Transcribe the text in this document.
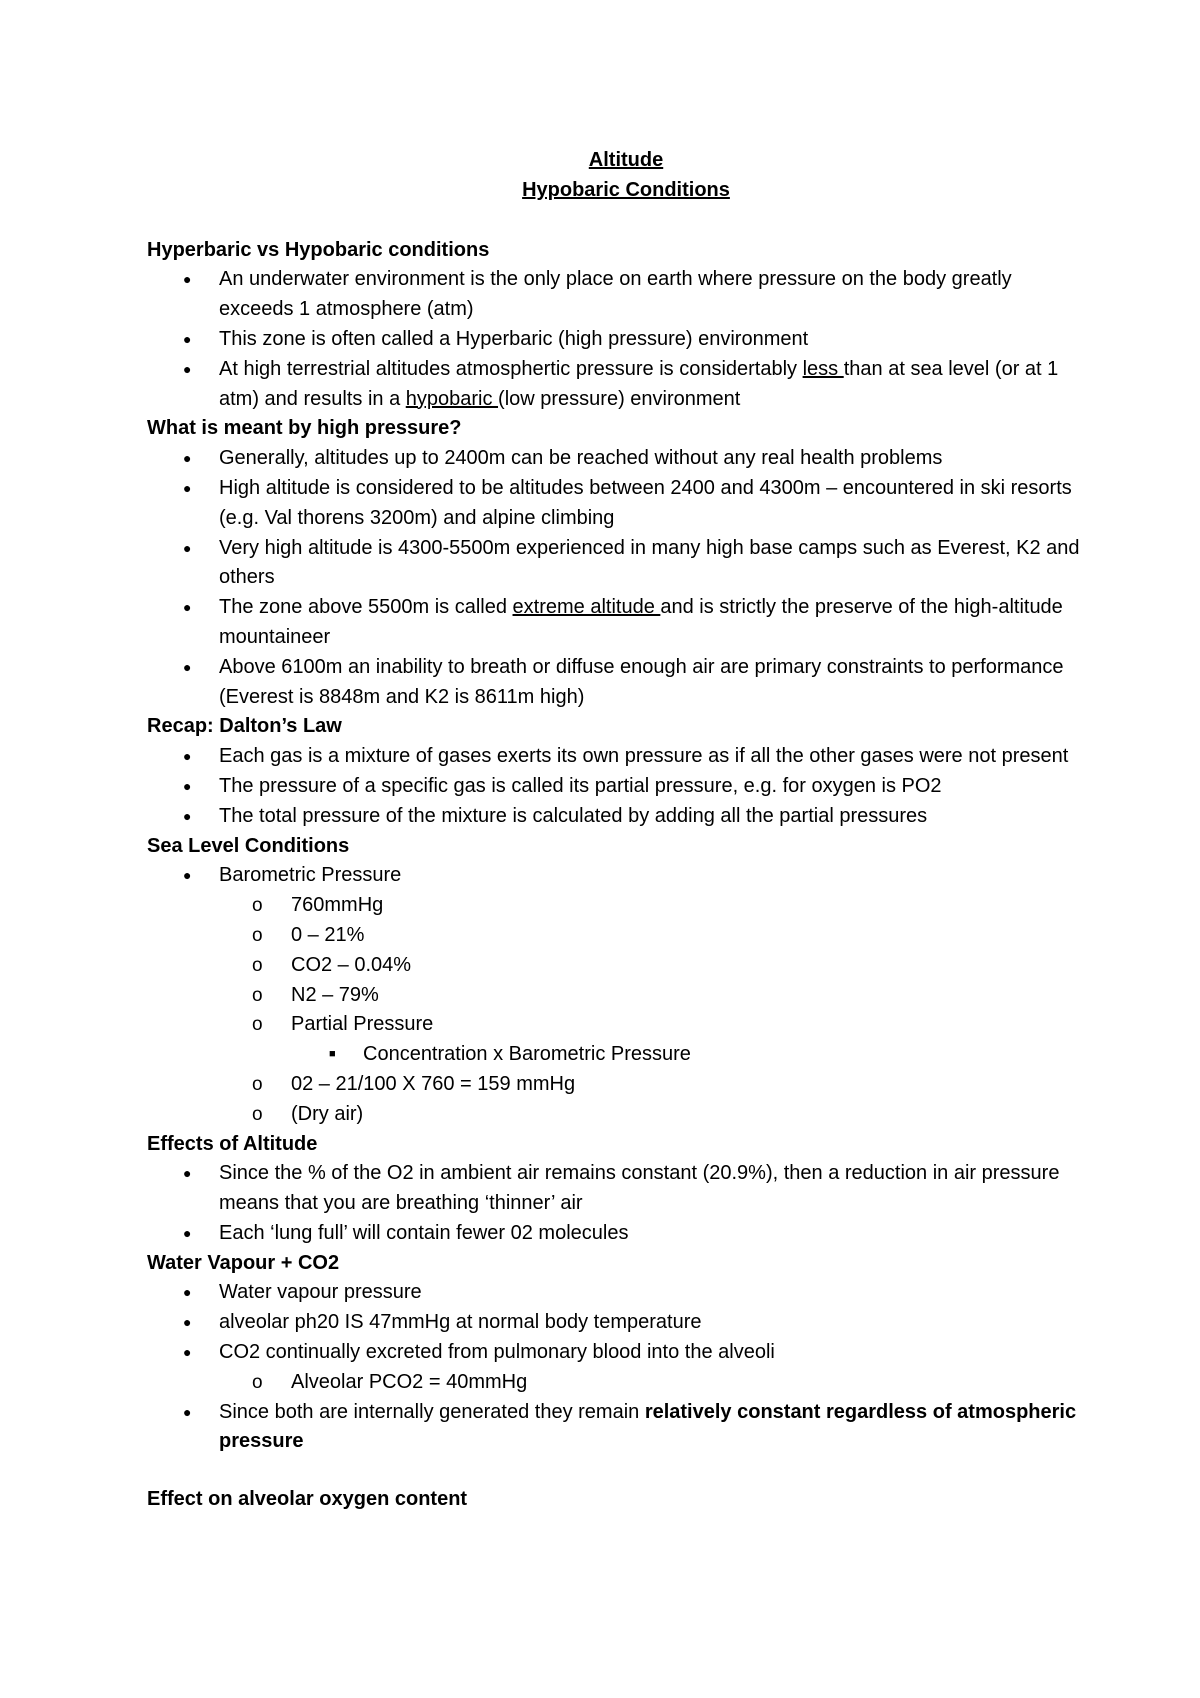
Altitude
Hypobaric Conditions
Hyperbaric vs Hypobaric conditions
● An underwater environment is the only place on earth where pressure on the body greatly exceeds 1 atmosphere (atm)
● This zone is often called a Hyperbaric (high pressure) environment
● At high terrestrial altitudes atmosphertic pressure is considertably less than at sea level (or at 1 atm) and results in a hypobaric (low pressure) environment
What is meant by high pressure?
● Generally, altitudes up to 2400m can be reached without any real health problems
● High altitude is considered to be altitudes between 2400 and 4300m – encountered in ski resorts (e.g. Val thorens 3200m) and alpine climbing
● Very high altitude is 4300-5500m experienced in many high base camps such as Everest, K2 and others
● The zone above 5500m is called extreme altitude and is strictly the preserve of the high-altitude mountaineer
● Above 6100m an inability to breath or diffuse enough air are primary constraints to performance (Everest is 8848m and K2 is 8611m high)
Recap: Dalton’s Law
● Each gas is a mixture of gases exerts its own pressure as if all the other gases were not present
● The pressure of a specific gas is called its partial pressure, e.g. for oxygen is PO2
● The total pressure of the mixture is calculated by adding all the partial pressures
Sea Level Conditions
● Barometric Pressure
o 760mmHg
o 0 – 21%
o CO2 – 0.04%
o N2 – 79%
o Partial Pressure
■ Concentration x Barometric Pressure
o 02 – 21/100 X 760 = 159 mmHg
o (Dry air)
Effects of Altitude
● Since the % of the O2 in ambient air remains constant (20.9%), then a reduction in air pressure means that you are breathing ‘thinner’ air
● Each ‘lung full’ will contain fewer 02 molecules
Water Vapour + CO2
● Water vapour pressure
● alveolar ph20 IS 47mmHg at normal body temperature
● CO2 continually excreted from pulmonary blood into the alveoli
o Alveolar PCO2 = 40mmHg
● Since both are internally generated they remain relatively constant regardless of atmospheric pressure
Effect on alveolar oxygen content
